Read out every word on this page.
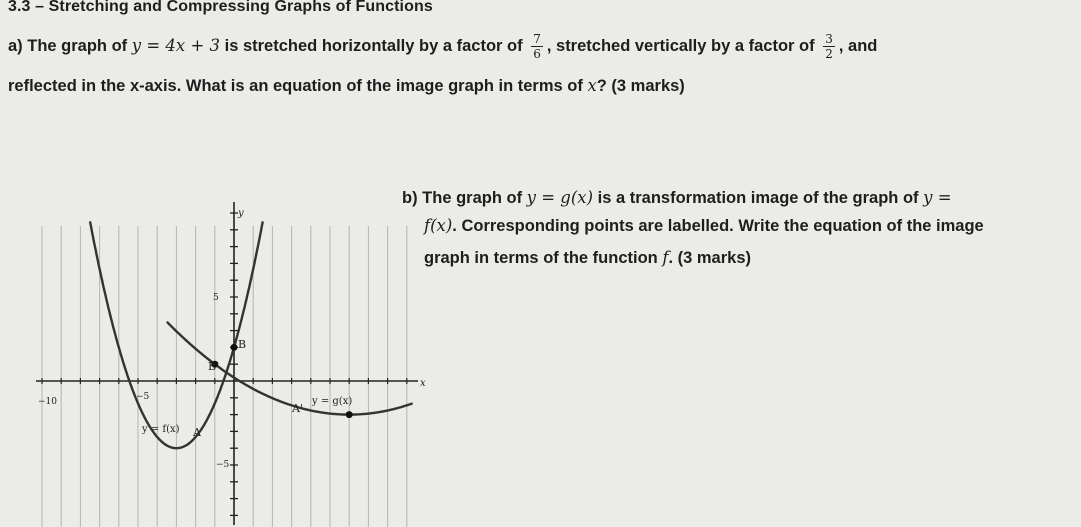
3.3 – Stretching and Compressing Graphs of Functions
a) The graph of y = 4x + 3 is stretched horizontally by a factor of $\frac{7}{6}$ , stretched vertically by a factor of $\frac{3}{2}$ , and
reflected in the x-axis. What is an equation of the image graph in terms of x? (3 marks)
b) The graph of y = g(x) is a transformation image of the graph of y =
f(x). Corresponding points are labelled. Write the equation of the image
graph in terms of the function f. (3 marks)
y
x
−10	−5
5
−5
B
B'
A
A'
y = f(x)
y = g(x)
